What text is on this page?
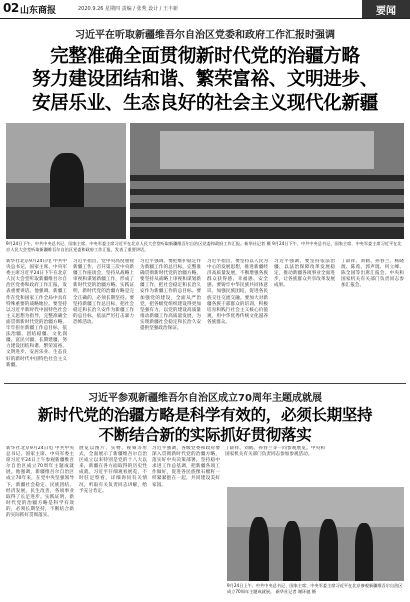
02 山东商报	2020.9.26 星期四 责编 / 张秀 设计 / 王丰新	要闻
习近平在听取新疆维吾尔自治区党委和政府工作汇报时强调
完整准确全面贯彻新时代党的治疆方略
努力建设团结和谐、繁荣富裕、文明进步、
安居乐业、生态良好的社会主义现代化新疆
9月24日下午，中共中央总书记、国家主席、中央军委主席习近平在北京人民大会堂听取新疆维吾尔自治区党委和政府工作汇报。新华社记者 摄 9月24日下午，中共中央总书记、国家主席、中央军委主席习近平在北京人民大会堂听取新疆维吾尔自治区党委和政府工作汇报，发表了重要讲话。
新华社北京9月24日电 中共中央总书记、国家主席、中央军委主席习近平24日下午在北京人民大会堂听取新疆维吾尔自治区党委和政府工作汇报，发表重要讲话。他强调，新疆工作在党和国家工作全局中具有特殊重要的战略地位。要坚持以习近平新时代中国特色社会主义思想为指导，完整准确全面贯彻新时代党的治疆方略，牢牢扭住新疆工作总目标，依法治疆、团结稳疆、文化润疆、富民兴疆、长期建疆，努力建设团结和谐、繁荣富裕、文明进步、安居乐业、生态良好的新时代中国特色社会主义新疆。
习近平指出，党中央高度重视新疆工作，召开第三次中央新疆工作座谈会，坚持从战略上审视和谋划新疆工作，形成了新时代党的治疆方略。实践证明，新时代党的治疆方略是完全正确的，必须长期坚持。要坚持新疆工作总目标，把社会稳定和长治久安作为新疆工作的总目标，依法严厉打击暴力恐怖活动。
习近平强调，要把维护稳定作为新疆工作的总目标，完整准确贯彻新时代党的治疆方略。要坚持从战略上审视和谋划新疆工作，把社会稳定和长治久安作为新疆工作的总目标。要加强党的建设，全面从严治党，把各级党组织建设得更加坚强有力，以党的建设高质量推动新疆工作高质量发展，为实现新疆社会稳定和长治久安提供坚强政治保证。
习近平指出，要坚持以人民为中心的发展思想，推进新疆经济高质量发展，不断增强各族群众获得感、幸福感、安全感。要铸牢中华民族共同体意识，加强民族团结，促进各民族交往交流交融。要加大对新疆各族干部群众的培训，积极培育和践行社会主义核心价值观，用中华优秀传统文化滋养各族群众。
习近平强调，要坚持依法治疆，以法治保障改革发展稳定，推动新疆各项事业全面进步，让各族群众共享改革发展成果。
丁薛祥、刘鹤、孙春兰、杨晓渡、陈希、郭声琨、何立峰、陈全国等出席汇报会。中央和国家机关有关部门负责同志参加汇报会。
习近平参观新疆维吾尔自治区成立70周年主题成就展
新时代党的治疆方略是科学有效的，必须长期坚持
不断结合新的实际抓好贯彻落实
新华社北京9月24日电 中共中央总书记、国家主席、中央军委主席习近平24日上午参观新疆维吾尔自治区成立70周年主题成就展。他强调，新疆维吾尔自治区成立70年来，在党中央坚强领导下，新疆社会稳定、民族团结、经济发展、民生改善，各项事业取得了长足进步。实践证明，新时代党的治疆方略是科学有效的，必须长期坚持，不断结合新的实际抓好贯彻落实。
展览以图片、实物、视频等形式，全面展示了新疆维吾尔自治区成立以来特别是党的十八大以来，新疆在各方面取得的历史性成就。习近平仔细观看展览，不时驻足察看，详细询问有关情况，听取有关负责同志讲解，给予充分肯定。
习近平强调，各级党委和政府要深入贯彻新时代党的治疆方略，落实好中央决策部署，坚持稳中求进工作总基调，把新疆各项工作做好，促进各民族像石榴籽一样紧紧抱在一起，共同建设美好家园。
丁薛祥、刘鹤、孙春兰等一同参观展览。中央和国家机关有关部门负责同志参加参观活动。
9月24日上午，中共中央总书记、国家主席、中央军委主席习近平在北京参观新疆维吾尔自治区成立70周年主题成就展。 新华社记者 谢环驰 摄
